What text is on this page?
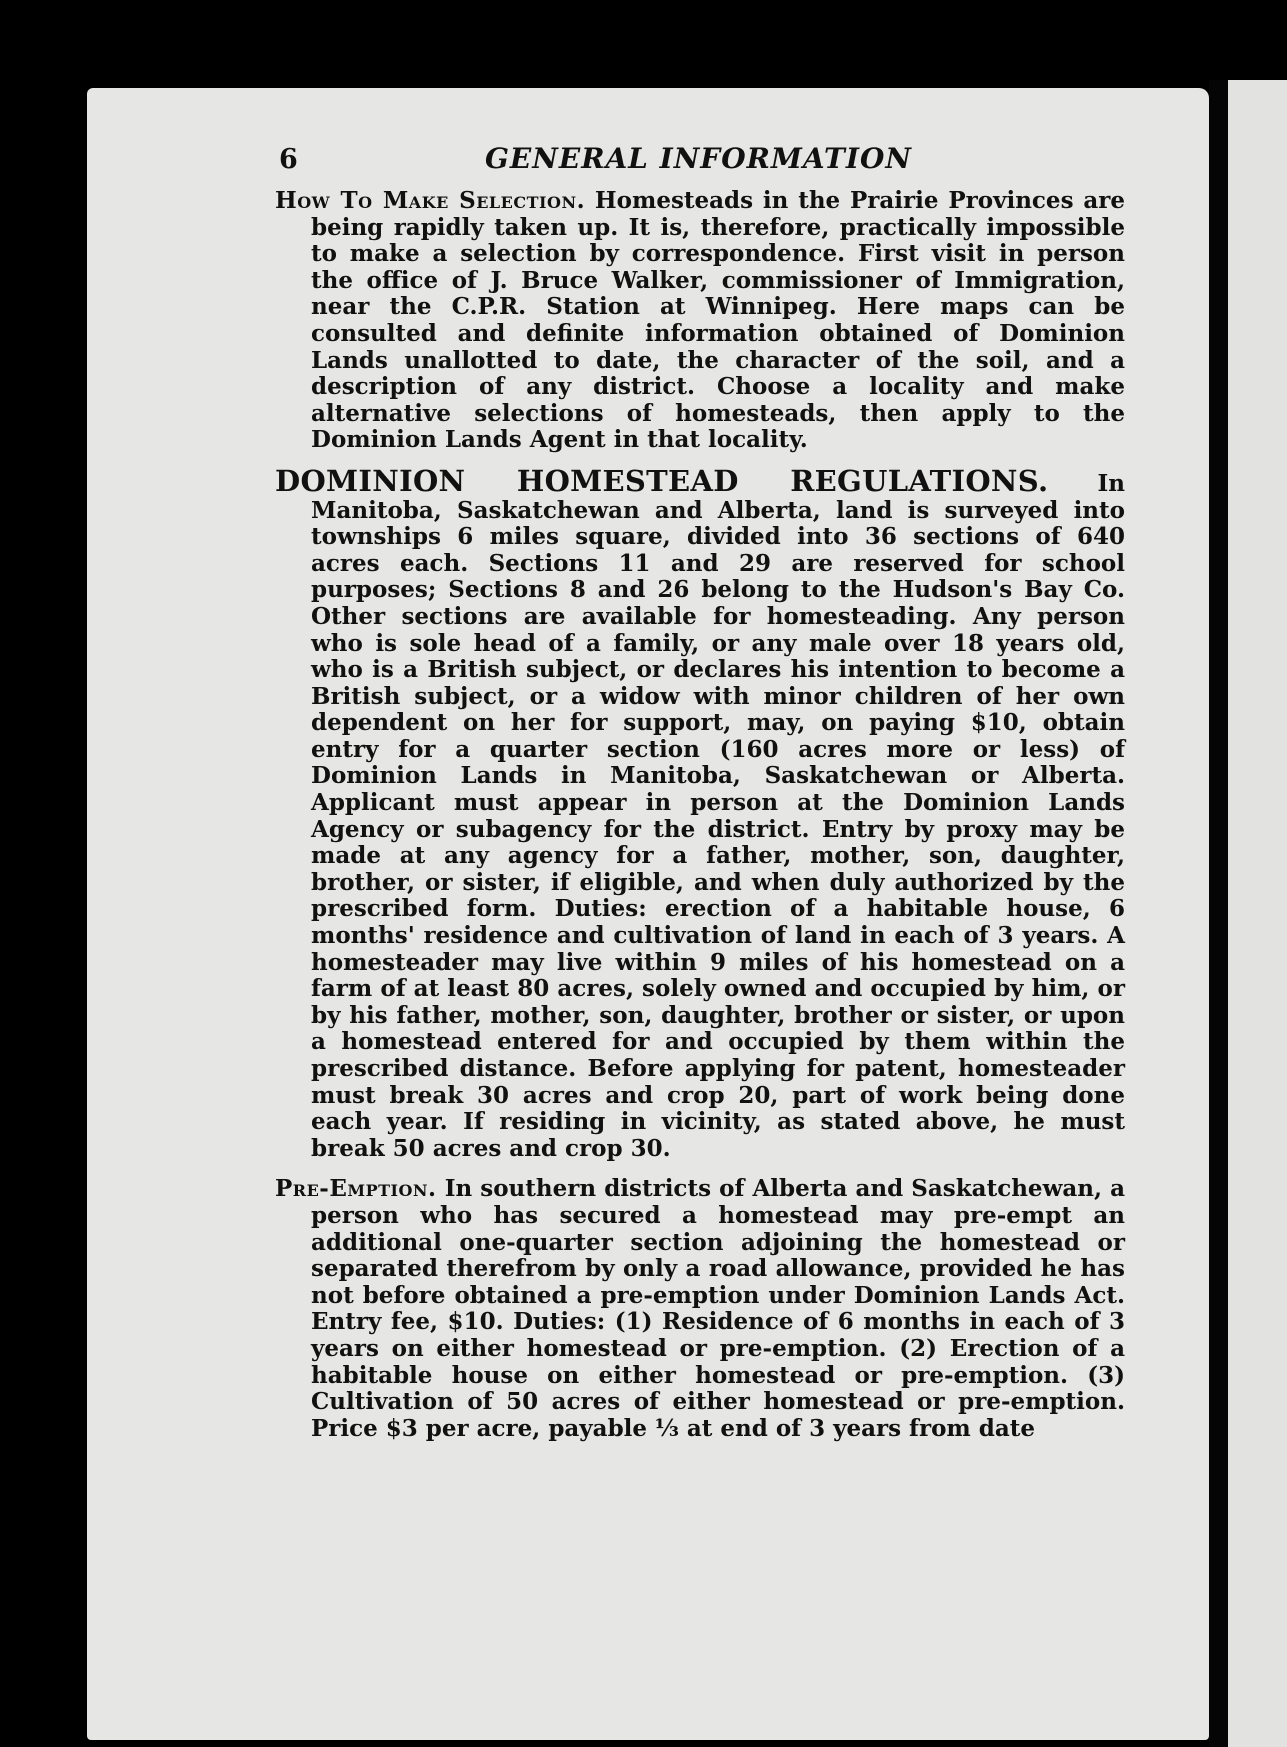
6	GENERAL INFORMATION

How To Make Selection. Homesteads in the Prairie Provinces are being rapidly taken up. It is, therefore, practically impossible to make a selection by correspondence. First visit in person the office of J. Bruce Walker, commissioner of Immigration, near the C.P.R. Station at Winnipeg. Here maps can be consulted and definite information obtained of Dominion Lands unallotted to date, the character of the soil, and a description of any district. Choose a locality and make alternative selections of homesteads, then apply to the Dominion Lands Agent in that locality.

DOMINION HOMESTEAD REGULATIONS. In Manitoba, Saskatchewan and Alberta, land is surveyed into townships 6 miles square, divided into 36 sections of 640 acres each. Sections 11 and 29 are reserved for school purposes; Sections 8 and 26 belong to the Hudson's Bay Co. Other sections are available for homesteading. Any person who is sole head of a family, or any male over 18 years old, who is a British subject, or declares his intention to become a British subject, or a widow with minor children of her own dependent on her for support, may, on paying $10, obtain entry for a quarter section (160 acres more or less) of Dominion Lands in Manitoba, Saskatchewan or Alberta. Applicant must appear in person at the Dominion Lands Agency or subagency for the district. Entry by proxy may be made at any agency for a father, mother, son, daughter, brother, or sister, if eligible, and when duly authorized by the prescribed form. Duties: erection of a habitable house, 6 months' residence and cultivation of land in each of 3 years. A homesteader may live within 9 miles of his homestead on a farm of at least 80 acres, solely owned and occupied by him, or by his father, mother, son, daughter, brother or sister, or upon a homestead entered for and occupied by them within the prescribed distance. Before applying for patent, homesteader must break 30 acres and crop 20, part of work being done each year. If residing in vicinity, as stated above, he must break 50 acres and crop 30.

Pre-Emption. In southern districts of Alberta and Saskatchewan, a person who has secured a homestead may pre-empt an additional one-quarter section adjoining the homestead or separated therefrom by only a road allowance, provided he has not before obtained a pre-emption under Dominion Lands Act. Entry fee, $10. Duties: (1) Residence of 6 months in each of 3 years on either homestead or pre-emption. (2) Erection of a habitable house on either homestead or pre-emption. (3) Cultivation of 50 acres of either homestead or pre-emption. Price $3 per acre, payable ⅓ at end of 3 years from date
